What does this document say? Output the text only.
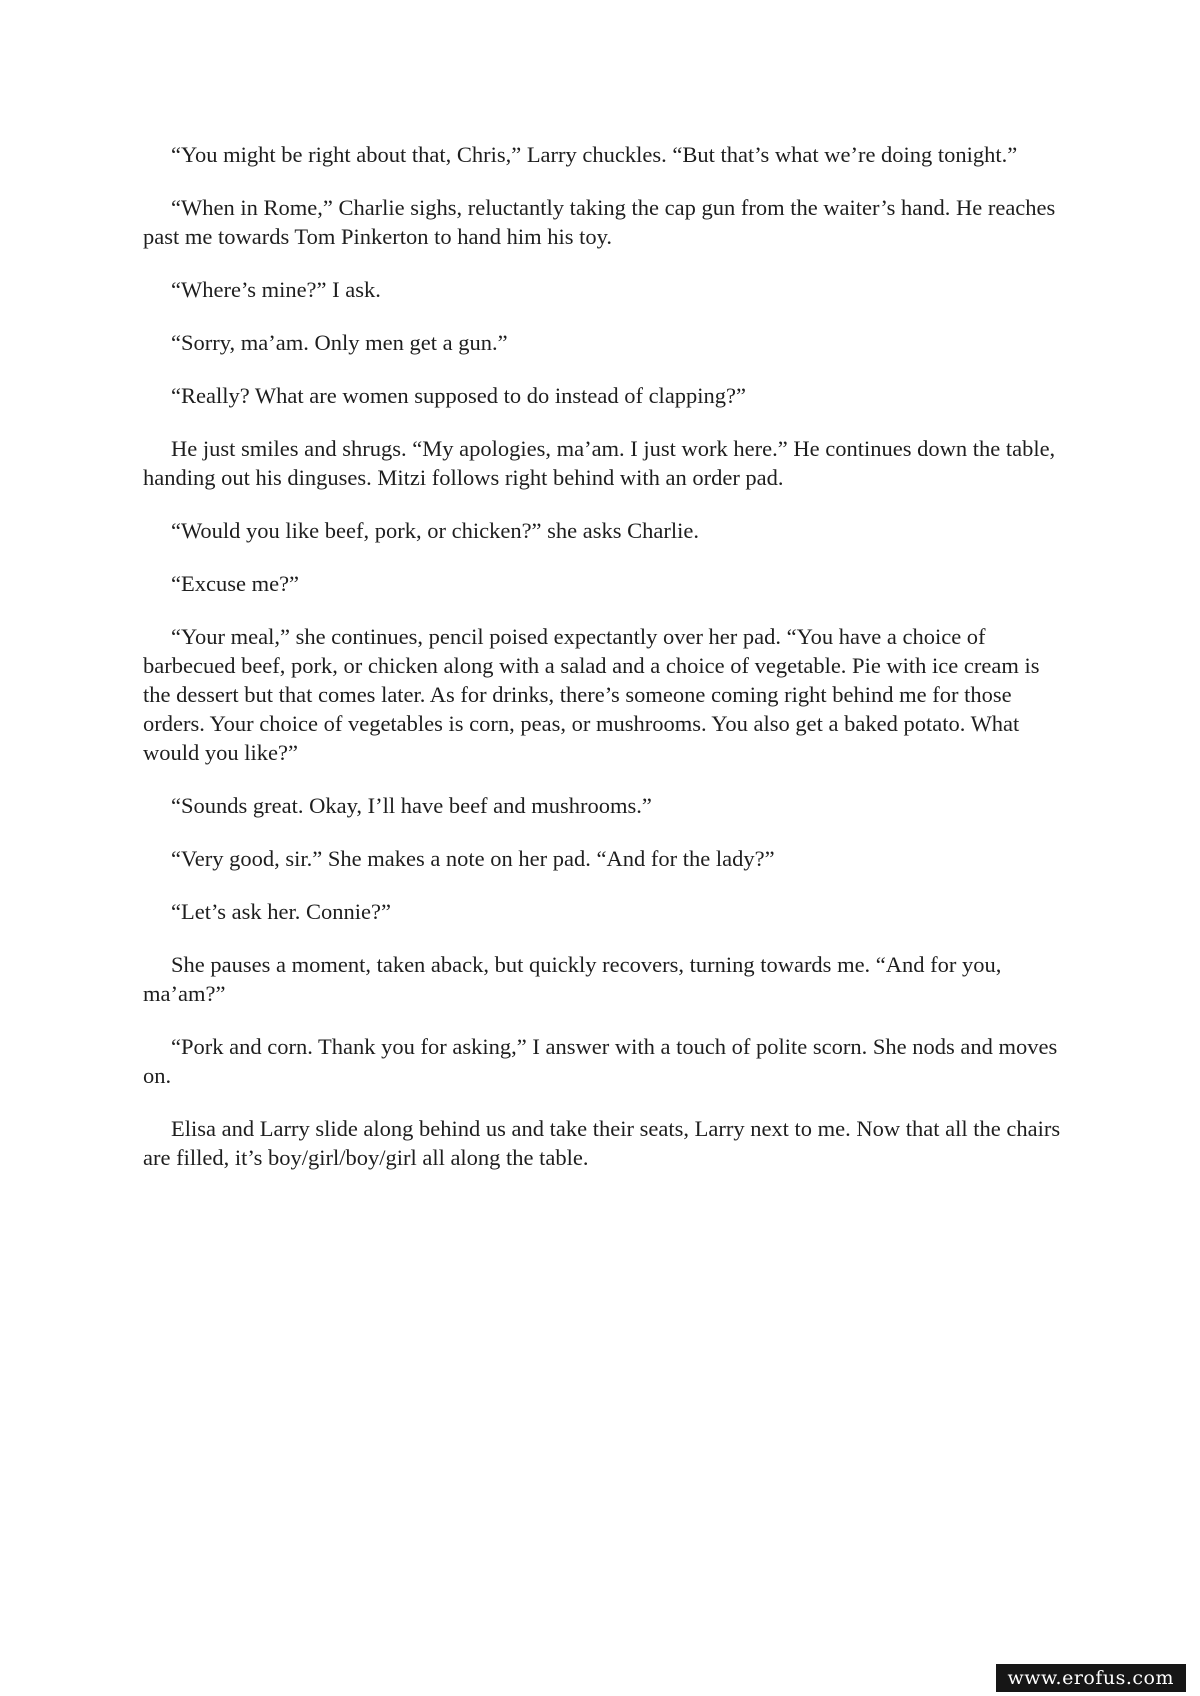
“You might be right about that, Chris,” Larry chuckles. “But that’s what we’re doing tonight.”

“When in Rome,” Charlie sighs, reluctantly taking the cap gun from the waiter’s hand. He reaches past me towards Tom Pinkerton to hand him his toy.

“Where’s mine?” I ask.

“Sorry, ma’am. Only men get a gun.”

“Really? What are women supposed to do instead of clapping?”

He just smiles and shrugs. “My apologies, ma’am. I just work here.” He continues down the table, handing out his dinguses. Mitzi follows right behind with an order pad.

“Would you like beef, pork, or chicken?” she asks Charlie.

“Excuse me?”

“Your meal,” she continues, pencil poised expectantly over her pad. “You have a choice of barbecued beef, pork, or chicken along with a salad and a choice of vegetable. Pie with ice cream is the dessert but that comes later. As for drinks, there’s someone coming right behind me for those orders. Your choice of vegetables is corn, peas, or mushrooms. You also get a baked potato. What would you like?”

“Sounds great. Okay, I’ll have beef and mushrooms.”

“Very good, sir.” She makes a note on her pad. “And for the lady?”

“Let’s ask her. Connie?”

She pauses a moment, taken aback, but quickly recovers, turning towards me. “And for you, ma’am?”

“Pork and corn. Thank you for asking,” I answer with a touch of polite scorn. She nods and moves on.

Elisa and Larry slide along behind us and take their seats, Larry next to me. Now that all the chairs are filled, it’s boy/girl/boy/girl all along the table.

www.erofus.com
